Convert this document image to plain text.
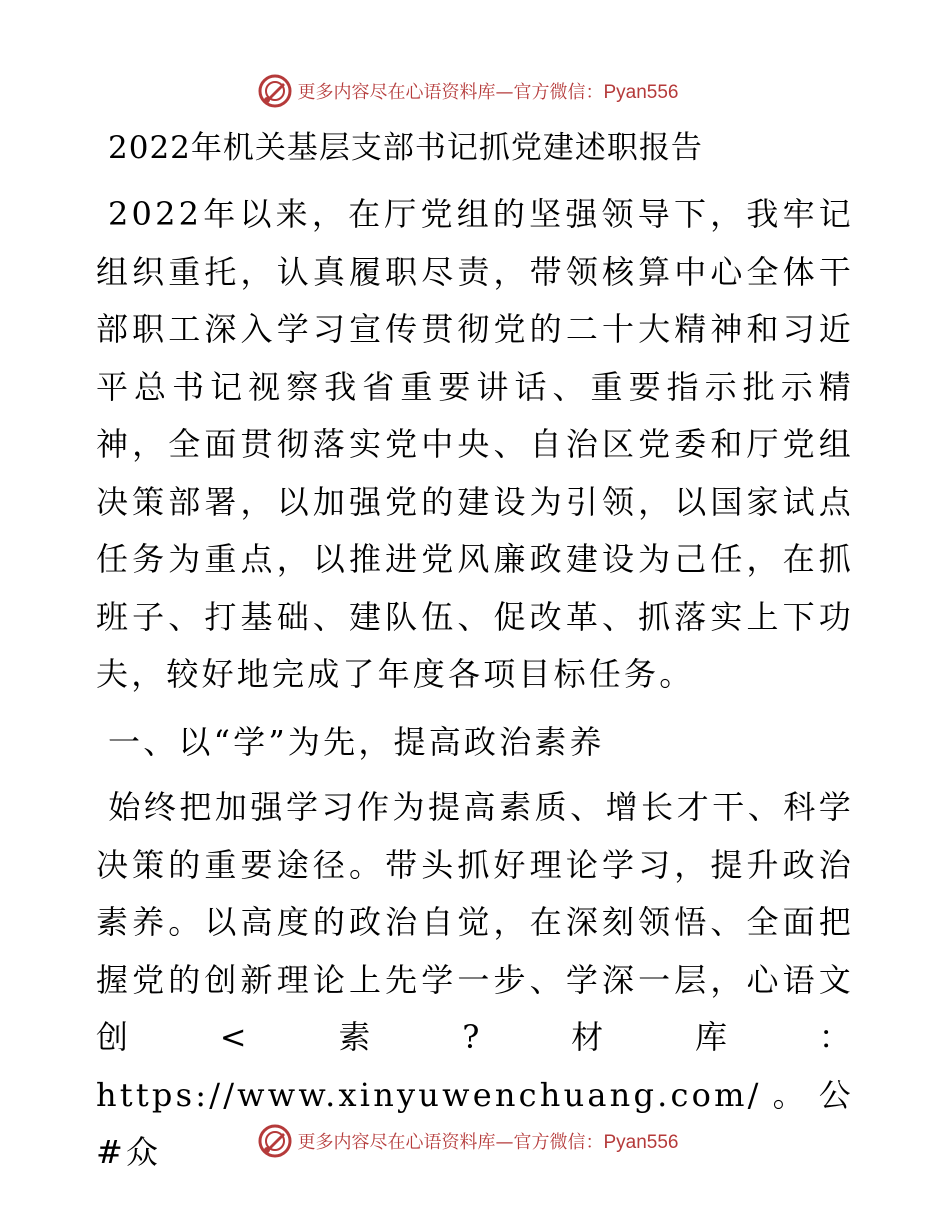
更多内容尽在心语资料库—官方微信：Pyan556
2022年机关基层支部书记抓党建述职报告

2022年以来，在厅党组的坚强领导下，我牢记组织重托，认真履职尽责，带领核算中心全体干部职工深入学习宣传贯彻党的二十大精神和习近平总书记视察我省重要讲话、重要指示批示精神，全面贯彻落实党中央、自治区党委和厅党组决策部署，以加强党的建设为引领，以国家试点任务为重点，以推进党风廉政建设为己任，在抓班子、打基础、建队伍、促改革、抓落实上下功夫，较好地完成了年度各项目标任务。

一、以“学”为先，提高政治素养

始终把加强学习作为提高素质、增长才干、科学决策的重要途径。带头抓好理论学习，提升政治素养。以高度的政治自觉，在深刻领悟、全面把握党的创新理论上先学一步、学深一层，心语文创<素?材库：https://www.xinyuwenchuang.com/。公#众	更多内容尽在心语资料库—官方微信：Pyan556
